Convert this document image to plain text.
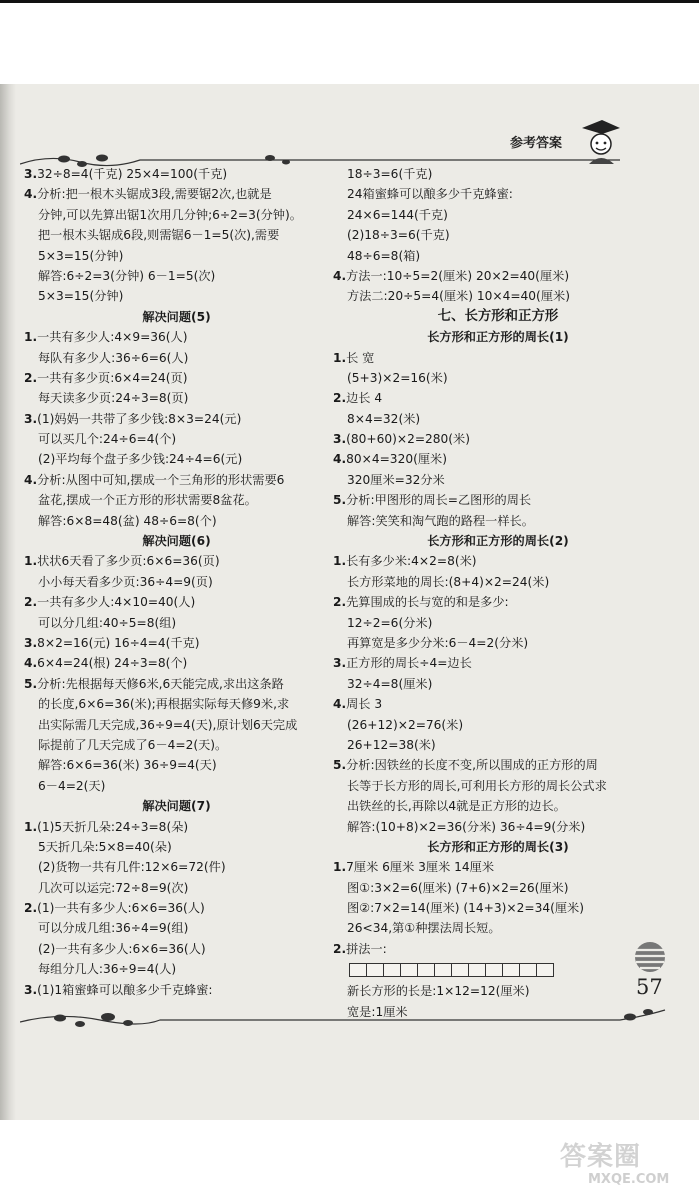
参考答案
3.32÷8=4(千克) 25×4=100(千克)
4.分析:把一根木头锯成3段,需要锯2次,也就是
分钟,可以先算出锯1次用几分钟;6÷2=3(分钟)。
把一根木头锯成6段,则需锯6－1=5(次),需要
5×3=15(分钟)
解答:6÷2=3(分钟) 6－1=5(次)
5×3=15(分钟)
解决问题(5)
1.一共有多少人:4×9=36(人)
每队有多少人:36÷6=6(人)
2.一共有多少页:6×4=24(页)
每天读多少页:24÷3=8(页)
3.(1)妈妈一共带了多少钱:8×3=24(元)
可以买几个:24÷6=4(个)
(2)平均每个盘子多少钱:24÷4=6(元)
4.分析:从图中可知,摆成一个三角形的形状需要6
盆花,摆成一个正方形的形状需要8盆花。
解答:6×8=48(盆) 48÷6=8(个)
解决问题(6)
1.状状6天看了多少页:6×6=36(页)
小小每天看多少页:36÷4=9(页)
2.一共有多少人:4×10=40(人)
可以分几组:40÷5=8(组)
3.8×2=16(元) 16÷4=4(千克)
4.6×4=24(根) 24÷3=8(个)
5.分析:先根据每天修6米,6天能完成,求出这条路
的长度,6×6=36(米);再根据实际每天修9米,求
出实际需几天完成,36÷9=4(天),原计划6天完成
际提前了几天完成了6－4=2(天)。
解答:6×6=36(米) 36÷9=4(天)
6－4=2(天)
解决问题(7)
1.(1)5天折几朵:24÷3=8(朵)
5天折几朵:5×8=40(朵)
(2)货物一共有几件:12×6=72(件)
几次可以运完:72÷8=9(次)
2.(1)一共有多少人:6×6=36(人)
可以分成几组:36÷4=9(组)
(2)一共有多少人:6×6=36(人)
每组分几人:36÷9=4(人)
3.(1)1箱蜜蜂可以酿多少千克蜂蜜:
18÷3=6(千克)
24箱蜜蜂可以酿多少千克蜂蜜:
24×6=144(千克)
(2)18÷3=6(千克)
48÷6=8(箱)
4.方法一:10÷5=2(厘米) 20×2=40(厘米)
方法二:20÷5=4(厘米) 10×4=40(厘米)
七、长方形和正方形
长方形和正方形的周长(1)
1.长 宽
(5+3)×2=16(米)
2.边长 4
8×4=32(米)
3.(80+60)×2=280(米)
4.80×4=320(厘米)
320厘米=32分米
5.分析:甲图形的周长=乙图形的周长
解答:笑笑和淘气跑的路程一样长。
长方形和正方形的周长(2)
1.长有多少米:4×2=8(米)
长方形菜地的周长:(8+4)×2=24(米)
2.先算围成的长与宽的和是多少:
12÷2=6(分米)
再算宽是多少分米:6－4=2(分米)
3.正方形的周长÷4=边长
32÷4=8(厘米)
4.周长 3
(26+12)×2=76(米)
26+12=38(米)
5.分析:因铁丝的长度不变,所以围成的正方形的周
长等于长方形的周长,可利用长方形的周长公式求
出铁丝的长,再除以4就是正方形的边长。
解答:(10+8)×2=36(分米) 36÷4=9(分米)
长方形和正方形的周长(3)
1.7厘米 6厘米 3厘米 14厘米
图①:3×2=6(厘米) (7+6)×2=26(厘米)
图②:7×2=14(厘米) (14+3)×2=34(厘米)
26<34,第①种摆法周长短。
2.拼法一:
新长方形的长是:1×12=12(厘米)
宽是:1厘米
57
答案圈
MXQE.COM
